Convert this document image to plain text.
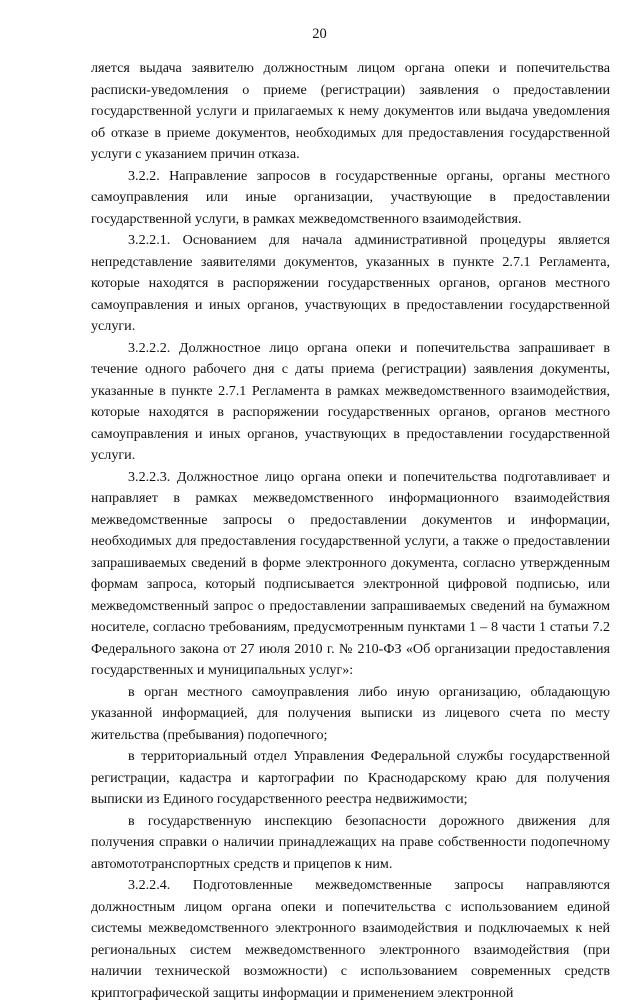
20

ляется выдача заявителю должностным лицом органа опеки и попечительства расписки-уведомления о приеме (регистрации) заявления о предоставлении государственной услуги и прилагаемых к нему документов или выдача уведомления об отказе в приеме документов, необходимых для предоставления государственной услуги с указанием причин отказа.

3.2.2. Направление запросов в государственные органы, органы местного самоуправления или иные организации, участвующие в предоставлении государственной услуги, в рамках межведомственного взаимодействия.

3.2.2.1. Основанием для начала административной процедуры является непредставление заявителями документов, указанных в пункте 2.7.1 Регламента, которые находятся в распоряжении государственных органов, органов местного самоуправления и иных органов, участвующих в предоставлении государственной услуги.

3.2.2.2. Должностное лицо органа опеки и попечительства запрашивает в течение одного рабочего дня с даты приема (регистрации) заявления документы, указанные в пункте 2.7.1 Регламента в рамках межведомственного взаимодействия, которые находятся в распоряжении государственных органов, органов местного самоуправления и иных органов, участвующих в предоставлении государственной услуги.

3.2.2.3. Должностное лицо органа опеки и попечительства подготавливает и направляет в рамках межведомственного информационного взаимодействия межведомственные запросы о предоставлении документов и информации, необходимых для предоставления государственной услуги, а также о предоставлении запрашиваемых сведений в форме электронного документа, согласно утвержденным формам запроса, который подписывается электронной цифровой подписью, или межведомственный запрос о предоставлении запрашиваемых сведений на бумажном носителе, согласно требованиям, предусмотренным пунктами 1 – 8 части 1 статьи 7.2 Федерального закона от 27 июля 2010 г. № 210-ФЗ «Об организации предоставления государственных и муниципальных услуг»:

в орган местного самоуправления либо иную организацию, обладающую указанной информацией, для получения выписки из лицевого счета по месту жительства (пребывания) подопечного;

в территориальный отдел Управления Федеральной службы государственной регистрации, кадастра и картографии по Краснодарскому краю для получения выписки из Единого государственного реестра недвижимости;

в государственную инспекцию безопасности дорожного движения для получения справки о наличии принадлежащих на праве собственности подопечному автомототранспортных средств и прицепов к ним.

3.2.2.4. Подготовленные межведомственные запросы направляются должностным лицом органа опеки и попечительства с использованием единой системы межведомственного электронного взаимодействия и подключаемых к ней региональных систем межведомственного электронного взаимодействия (при наличии технической возможности) с использованием современных средств криптографической защиты информации и применением электронной
